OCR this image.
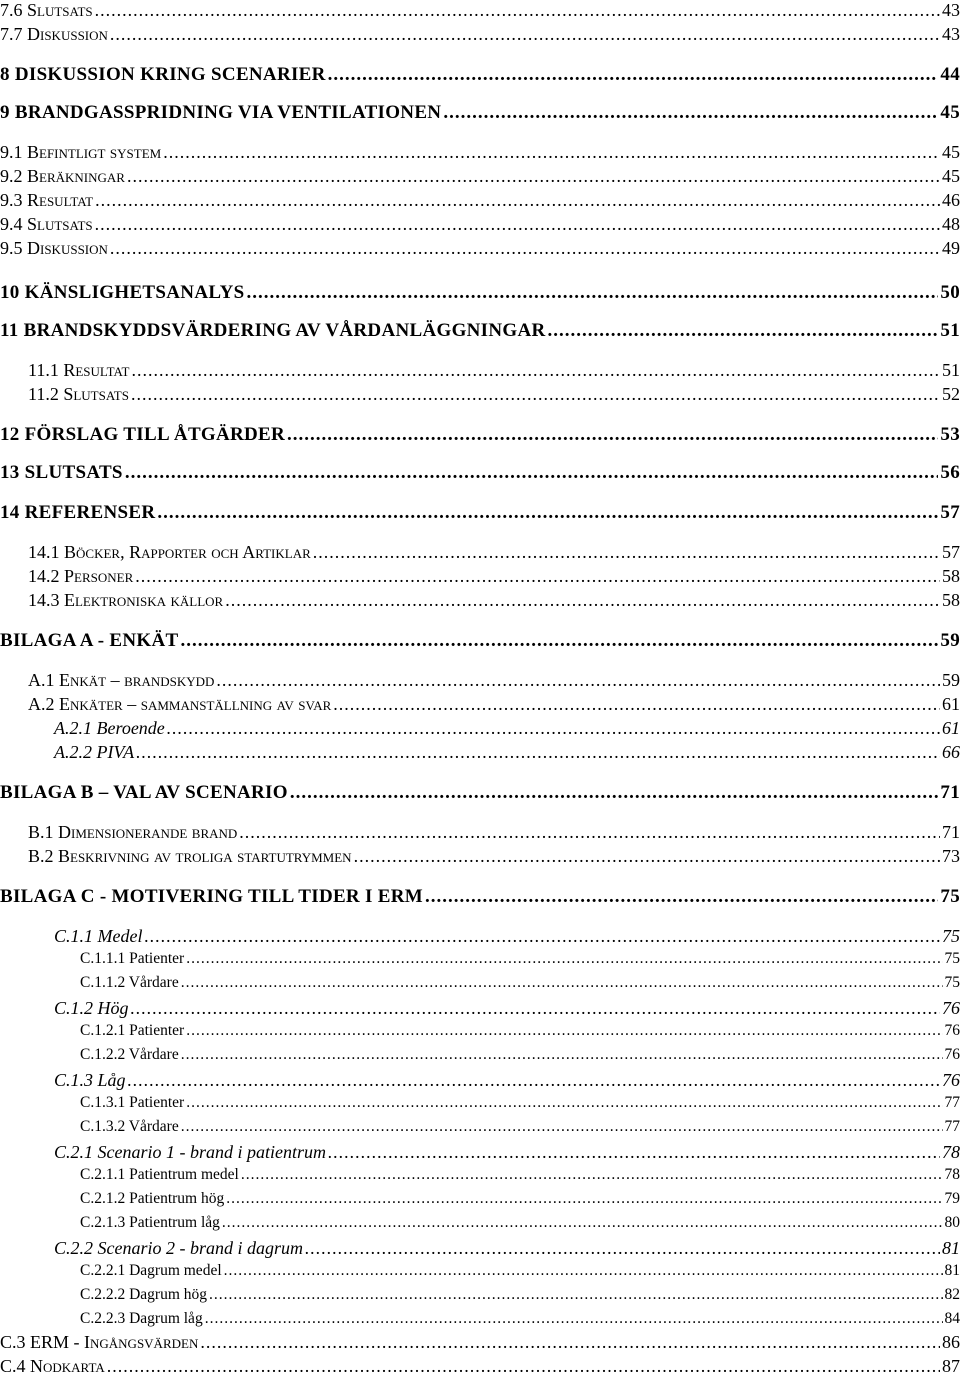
7.6 Slutsats .....	43
7.7 Diskussion .....	43
8 DISKUSSION KRING SCENARIER .....	44
9 BRANDGASSPRIDNING VIA VENTILATIONEN .....	45
9.1 Befintligt system .....	45
9.2 Beräkningar .....	45
9.3 Resultat .....	46
9.4 Slutsats .....	48
9.5 Diskussion .....	49
10 KÄNSLIGHETSANALYS .....	50
11 BRANDSKYDDSVÄRDERING AV VÅRDANLÄGGNINGAR .....	51
11.1 Resultat .....	51
11.2 Slutsats .....	52
12 FÖRSLAG TILL ÅTGÄRDER .....	53
13 SLUTSATS .....	56
14 REFERENSER .....	57
14.1 Böcker, Rapporter och Artiklar .....	57
14.2 Personer .....	58
14.3 Elektroniska källor .....	58
BILAGA A - ENKÄT .....	59
A.1 Enkät – brandskydd .....	59
A.2 Enkäter – sammanställning av svar .....	61
A.2.1 Beroende .....	61
A.2.2 PIVA .....	66
BILAGA B – VAL AV SCENARIO .....	71
B.1 Dimensionerande brand .....	71
B.2 Beskrivning av troliga startutrymmen .....	73
BILAGA C - MOTIVERING TILL TIDER I ERM .....	75
C.1.1 Medel .....	75
C.1.1.1 Patienter .....	75
C.1.1.2 Vårdare .....	75
C.1.2 Hög .....	76
C.1.2.1 Patienter .....	76
C.1.2.2 Vårdare .....	76
C.1.3 Låg .....	76
C.1.3.1 Patienter .....	77
C.1.3.2 Vårdare .....	77
C.2.1 Scenario 1 - brand i patientrum .....	78
C.2.1.1 Patientrum medel .....	78
C.2.1.2 Patientrum hög .....	79
C.2.1.3 Patientrum låg .....	80
C.2.2 Scenario 2 - brand i dagrum .....	81
C.2.2.1 Dagrum medel .....	81
C.2.2.2 Dagrum hög .....	82
C.2.2.3 Dagrum låg .....	84
C.3 ERM - Ingångsvärden .....	86
C.4 Nodkarta .....	87
